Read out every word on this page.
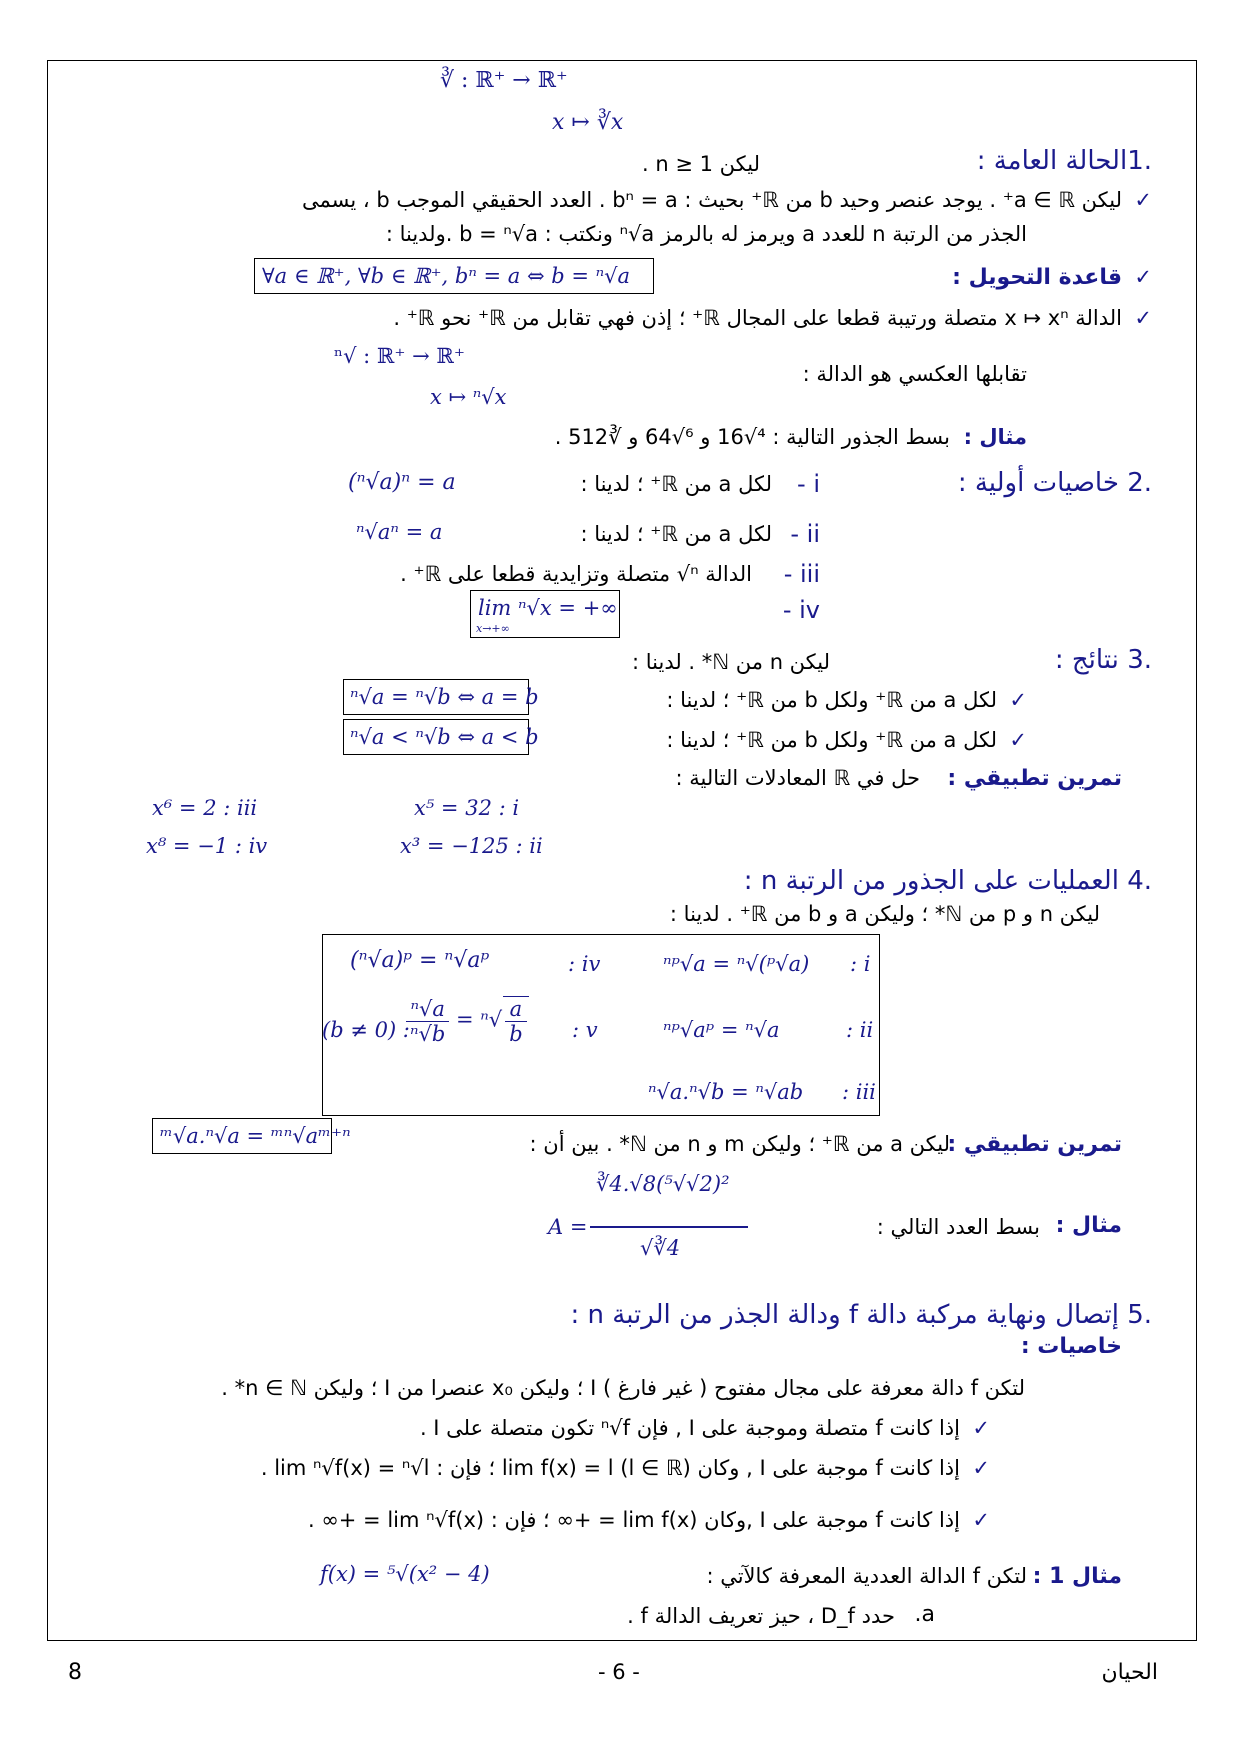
∛ : ℝ⁺ → ℝ⁺
x ↦ ∛x
.1الحالة العامة :
ليكن n ≥ 1 .
✓
ليكن a ∈ ℝ⁺ . يوجد عنصر وحيد b من ℝ⁺ بحيث : bⁿ = a . العدد الحقيقي الموجب b ، يسمى
الجذر من الرتبة n للعدد a ويرمز له بالرمز ⁿ√a ونكتب : b = ⁿ√a .ولدينا :
✓
قاعدة التحويل :
∀a ∈ ℝ⁺, ∀b ∈ ℝ⁺, bⁿ = a ⇔ b = ⁿ√a
✓
الدالة x ↦ xⁿ متصلة ورتيبة قطعا على المجال ℝ⁺ ؛ إذن فهي تقابل من ℝ⁺ نحو ℝ⁺ .
ⁿ√ : ℝ⁺ → ℝ⁺
تقابلها العكسي هو الدالة :
x ↦ ⁿ√x
مثال :
بسط الجذور التالية : ⁴√16 و ⁶√64 و ∛512 .
.2 خاصيات أولية :
i -
لكل a من ℝ⁺ ؛ لدينا :
(ⁿ√a)ⁿ = a
ii -
لكل a من ℝ⁺ ؛ لدينا :
ⁿ√aⁿ = a
iii -
الدالة ⁿ√ متصلة وتزايدية قطعا على ℝ⁺ .
iv -
lim ⁿ√x = +∞
x→+∞
.3 نتائج :
ليكن n من ℕ* . لدينا :
✓
لكل a من ℝ⁺ ولكل b من ℝ⁺ ؛ لدينا :
ⁿ√a = ⁿ√b ⇔ a = b
✓
لكل a من ℝ⁺ ولكل b من ℝ⁺ ؛ لدينا :
ⁿ√a < ⁿ√b ⇔ a < b
تمرين تطبيقي :
حل في ℝ المعادلات التالية :
x⁵ = 32 : i
x³ = −125 : ii
x⁶ = 2 : iii
x⁸ = −1 : iv
.4 العمليات على الجذور من الرتبة n :
ليكن n و p من ℕ* ؛ وليكن a و b من ℝ⁺ . لدينا :
ⁿᵖ√a = ⁿ√(ᵖ√a) : i
ⁿᵖ√aᵖ = ⁿ√a	: ii
ⁿ√a.ⁿ√b = ⁿ√ab : iii
(ⁿ√a)ᵖ = ⁿ√aᵖ	: iv
(b ≠ 0) :
$\frac{\text{ⁿ√a}}{\text{ⁿ√b}} = ^n√ \frac{a}{b}$ : v
تمرين تطبيقي :
ليكن a من ℝ⁺ ؛ وليكن m و n من ℕ* . بين أن :
ᵐ√a.ⁿ√a = ᵐⁿ√aᵐ⁺ⁿ
مثال :
بسط العدد التالي :
A =
∛4.√8(⁵√√2)²
√∛4
.5 إتصال ونهاية مركبة دالة f ودالة الجذر من الرتبة n :
خاصيات :
لتكن f دالة معرفة على مجال مفتوح ( غير فارغ ) I ؛ وليكن x₀ عنصرا من I ؛ وليكن n ∈ ℕ* .
✓
إذا كانت f متصلة وموجبة على I , فإن ⁿ√f تكون متصلة على I .
✓
إذا كانت f موجبة على I , وكان lim f(x) = l (l ∈ ℝ) ؛ فإن : lim ⁿ√f(x) = ⁿ√l .
✓
إذا كانت f موجبة على I ,وكان lim f(x) = +∞ ؛ فإن : lim ⁿ√f(x) = +∞ .
مثال 1 :
لتكن f الدالة العددية المعرفة كالآتي :
f(x) = ⁵√(x² − 4)
a.
حدد D_f ، حيز تعريف الدالة f .
8	- 6 -	الحيان
